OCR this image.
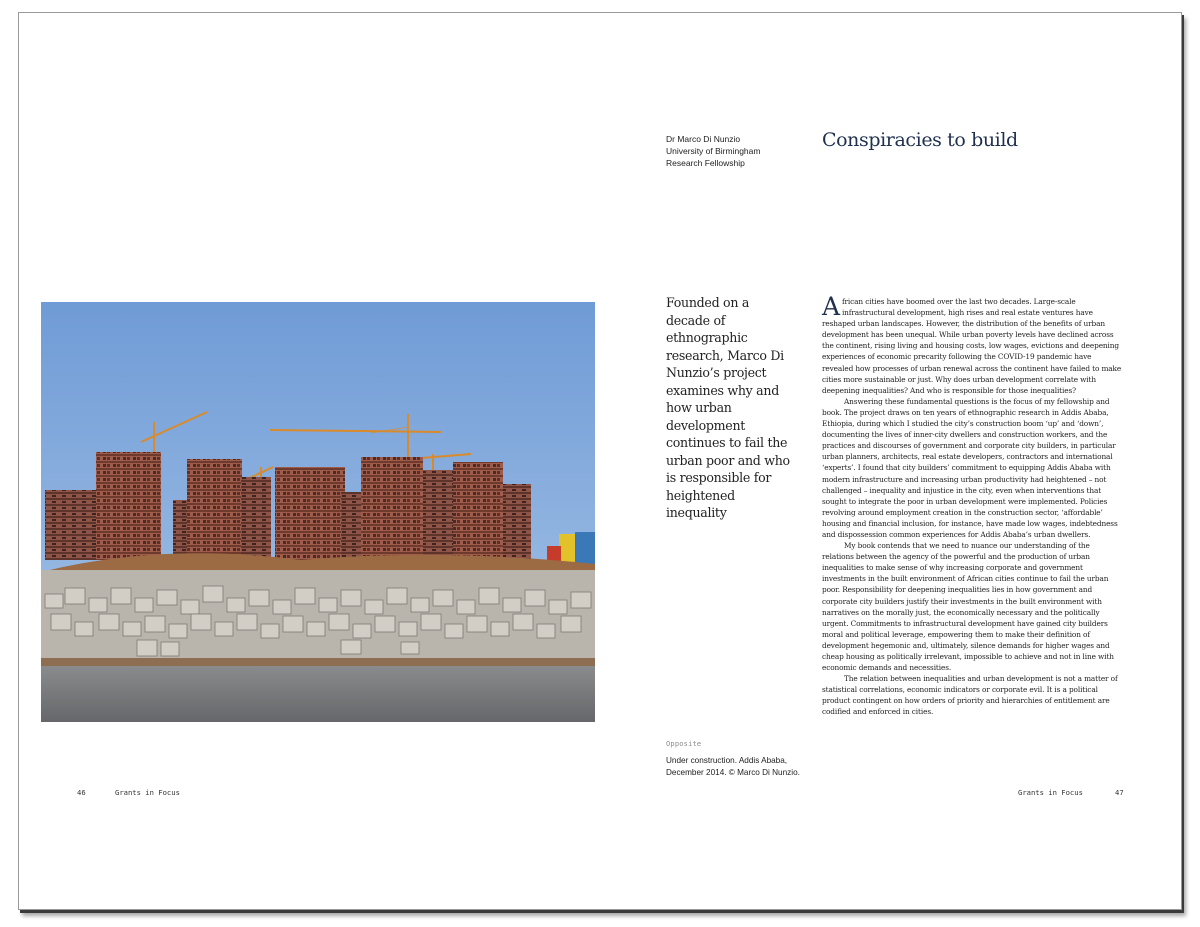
Dr Marco Di Nunzio
University of Birmingham
Research Fellowship
Conspiracies to build
Founded on a decade of ethnographic research, Marco Di Nunzio’s project examines why and how urban development continues to fail the urban poor and who is responsible for heightened inequality

African cities have boomed over the last two decades. Large-scale infrastructural development, high rises and real estate ventures have reshaped urban landscapes. However, the distribution of the benefits of urban development has been unequal. While urban poverty levels have declined across the continent, rising living and housing costs, low wages, evictions and deepening experiences of economic precarity following the COVID-19 pandemic have revealed how processes of urban renewal across the continent have failed to make cities more sustainable or just. Why does urban development correlate with deepening inequalities? And who is responsible for those inequalities?

Answering these fundamental questions is the focus of my fellowship and book. The project draws on ten years of ethnographic research in Addis Ababa, Ethiopia, during which I studied the city’s construction boom ‘up’ and ‘down’, documenting the lives of inner-city dwellers and construction workers, and the practices and discourses of government and corporate city builders, in particular urban planners, architects, real estate developers, contractors and international ‘experts’. I found that city builders’ commitment to equipping Addis Ababa with modern infrastructure and increasing urban productivity had heightened – not challenged – inequality and injustice in the city, even when interventions that sought to integrate the poor in urban development were implemented. Policies revolving around employment creation in the construction sector, ‘affordable’ housing and financial inclusion, for instance, have made low wages, indebtedness and dispossession common experiences for Addis Ababa’s urban dwellers.

My book contends that we need to nuance our understanding of the relations between the agency of the powerful and the production of urban inequalities to make sense of why increasing corporate and government investments in the built environment of African cities continue to fail the urban poor. Responsibility for deepening inequalities lies in how government and corporate city builders justify their investments in the built environment with narratives on the morally just, the economically necessary and the politically urgent. Commitments to infrastructural development have gained city builders moral and political leverage, empowering them to make their definition of development hegemonic and, ultimately, silence demands for higher wages and cheap housing as politically irrelevant, impossible to achieve and not in line with economic demands and necessities.

The relation between inequalities and urban development is not a matter of statistical correlations, economic indicators or corporate evil. It is a political product contingent on how orders of priority and hierarchies of entitlement are codified and enforced in cities.

Opposite
Under construction. Addis Ababa, December 2014. © Marco Di Nunzio.
46	Grants in Focus	Grants in Focus	47
